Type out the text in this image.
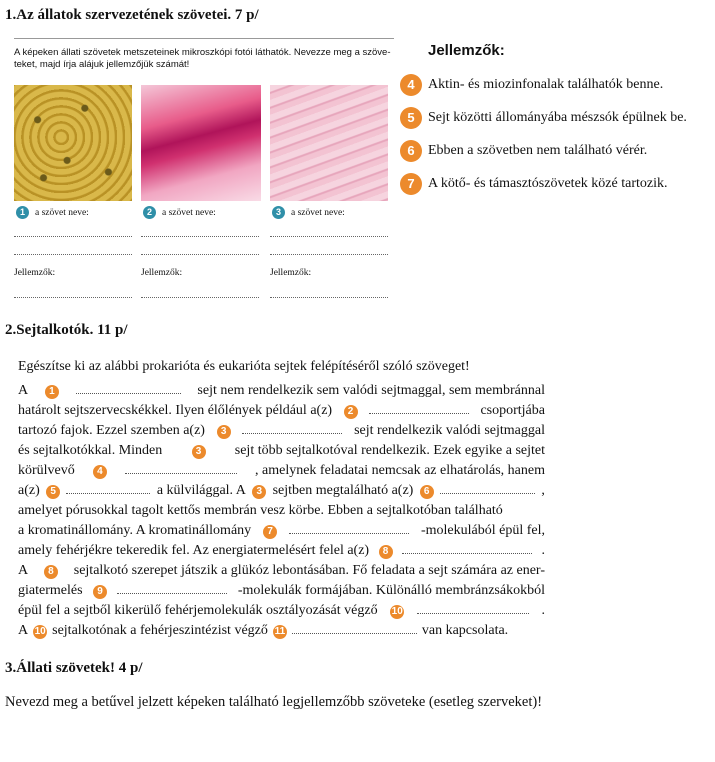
1.Az állatok szervezetének szövetei. 7 p/
A képeken állati szövetek metszeteinek mikroszkópi fotói láthatók. Nevezze meg a szöve-
teket, majd írja alájuk jellemzőjük számát!
1	a szövet neve:	2	a szövet neve:	3	a szövet neve:
Jellemzők:	Jellemzők:	Jellemzők:
Jellemzők:
4 Aktin- és miozinfonalak találhatók benne.
5 Sejt közötti állományába mészsók épülnek be.
6 Ebben a szövetben nem található vérér.
7 A kötő- és támasztószövetek közé tartozik.
2.Sejtalkotók. 11 p/
Egészítse ki az alábbi prokarióta és eukarióta sejtek felépítéséről szóló szöveget!
A	1	sejt nem rendelkezik sem valódi sejtmaggal, sem membránnal
határolt sejtszervecskékkel. Ilyen élőlények például a(z)	2	csoportjába
tartozó fajok. Ezzel szemben a(z)	3	sejt rendelkezik valódi sejtmaggal
és sejtalkotókkal. Minden	3	sejt több sejtalkotóval rendelkezik. Ezek egyike a sejtet
körülvevő	4	, amelynek feladatai nemcsak az elhatárolás, hanem
a(z)	5	a külvilággal. A	3 sejtben megtalálható a(z)	6	,
amelyet pórusokkal tagolt kettős membrán vesz körbe. Ebben a sejtalkotóban található
a kromatinállomány. A kromatinállomány	7	-molekulából épül fel,
amely fehérjékre tekeredik fel. Az energiatermelésért felel a(z)	8	.
A	8	sejtalkotó szerepet játszik a glükóz lebontásában. Fő feladata a sejt számára az ener-
giatermelés	9	-molekulák formájában. Különálló membránzsákokból
épül fel a sejtből kikerülő fehérjemolekulák osztályozását végző 10	.
A 10 sejtalkotónak a fehérjeszintézist végző 11	van kapcsolata.
3.Állati szövetek! 4 p/
Nevezd meg a betűvel jelzett képeken található legjellemzőbb szöveteke (esetleg szerveket)!
